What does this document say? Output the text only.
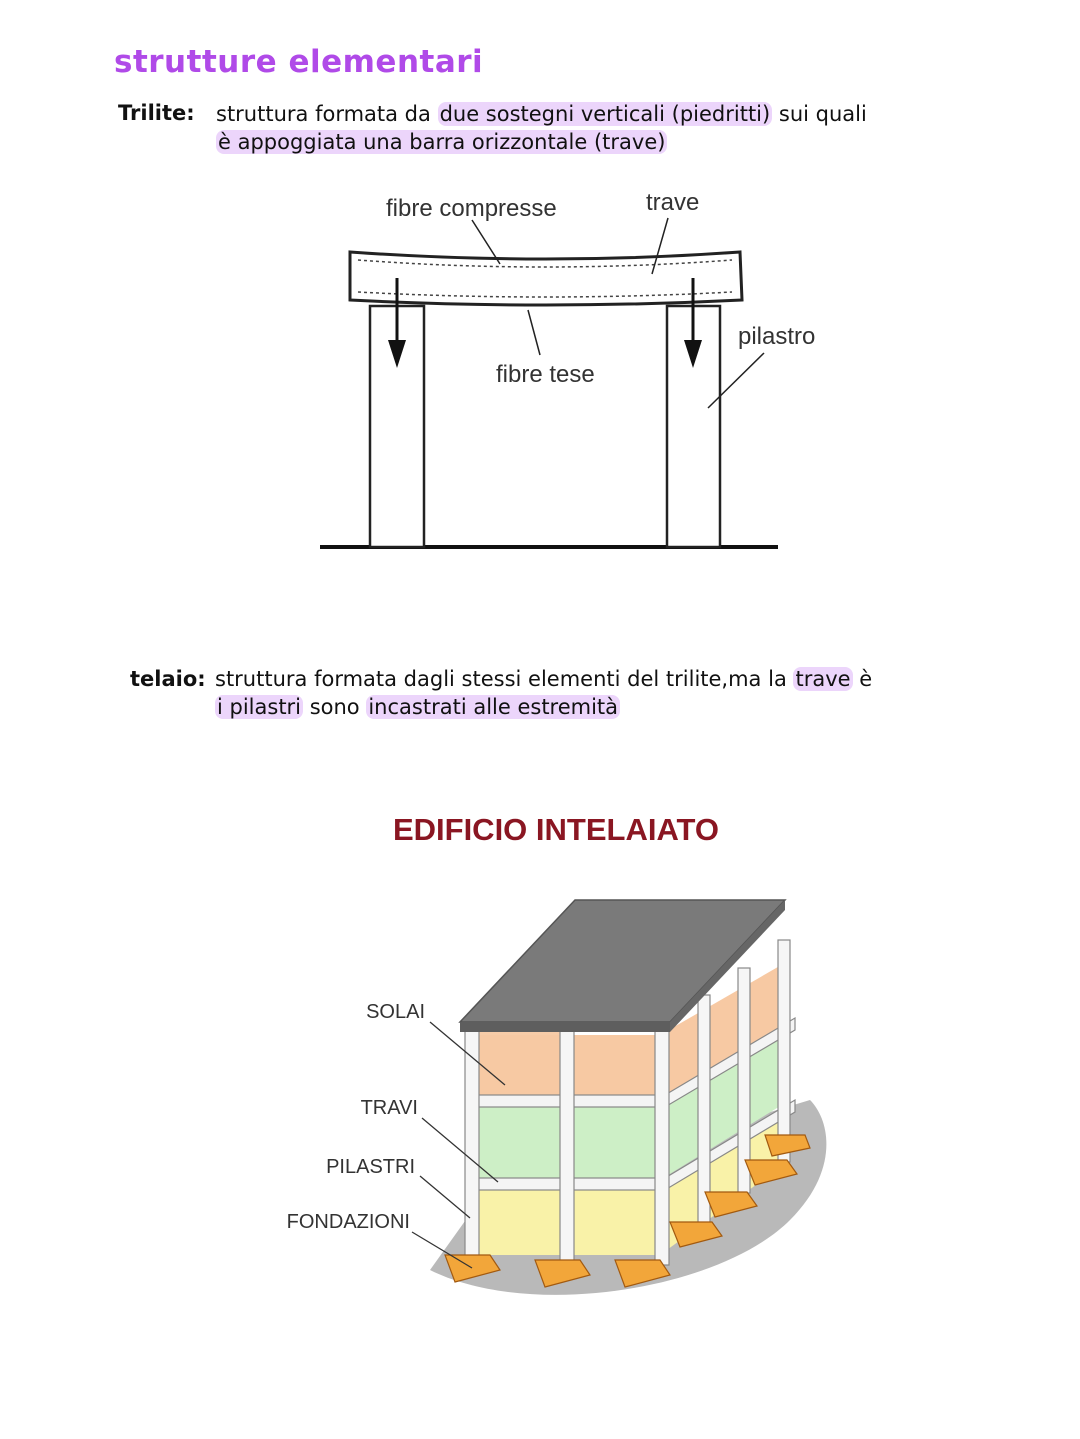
strutture elementari
Trilite: struttura formata da due sostegni verticali (piedritti) sui quali
è appoggiata una barra orizzontale (trave)
fibre compresse	trave
fibre tese
pilastro
telaio: struttura formata dagli stessi elementi del trilite,ma la trave è
i pilastri sono incastrati alle estremità
EDIFICIO INTELAIATO
SOLAI
TRAVI
PILASTRI
FONDAZIONI
